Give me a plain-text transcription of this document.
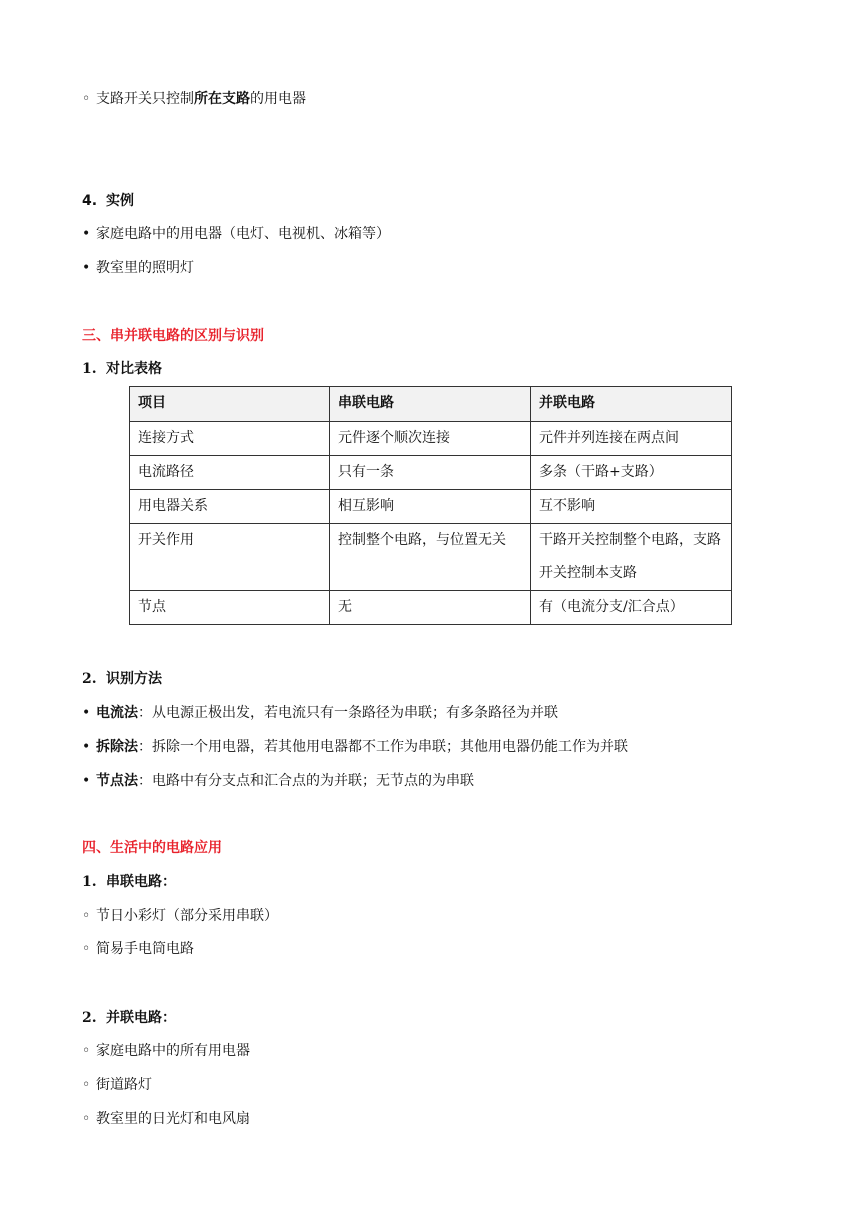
◦ 支路开关只控制所在支路的用电器
4. 实例
• 家庭电路中的用电器（电灯、电视机、冰箱等）
• 教室里的照明灯
三、串并联电路的区别与识别
1. 对比表格
项目	串联电路	并联电路
连接方式	元件逐个顺次连接	元件并列连接在两点间
电流路径	只有一条	多条（干路+支路）
用电器关系	相互影响	互不影响
开关作用	控制整个电路，与位置无关	干路开关控制整个电路，支路开关控制本支路
节点	无	有（电流分支/汇合点）
2. 识别方法
• 电流法：从电源正极出发，若电流只有一条路径为串联；有多条路径为并联
• 拆除法：拆除一个用电器，若其他用电器都不工作为串联；其他用电器仍能工作为并联
• 节点法：电路中有分支点和汇合点的为并联；无节点的为串联
四、生活中的电路应用
1. 串联电路：
◦ 节日小彩灯（部分采用串联）
◦ 简易手电筒电路
2. 并联电路：
◦ 家庭电路中的所有用电器
◦ 街道路灯
◦ 教室里的日光灯和电风扇
